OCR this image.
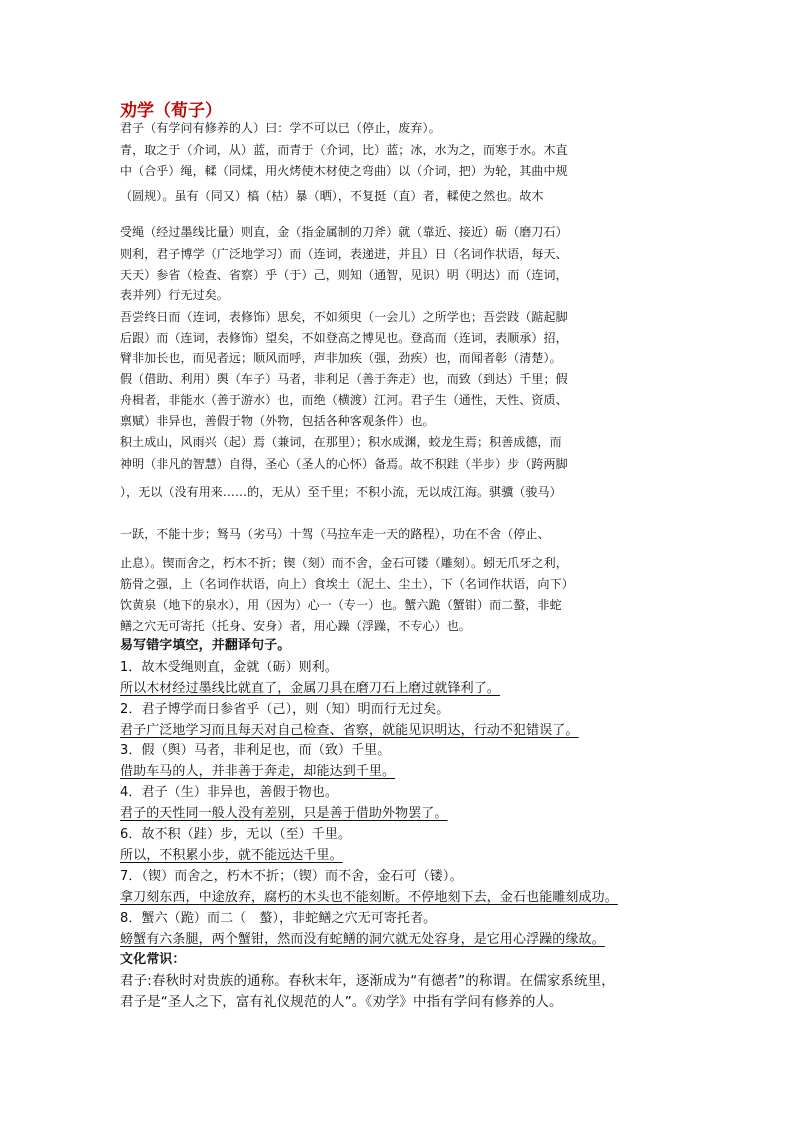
劝学（荀子）
君子（有学问有修养的人）曰：学不可以已（停止，废弃）。
青，取之于（介词，从）蓝，而青于（介词，比）蓝；冰，水为之，而寒于水。木直
中（合乎）绳，輮（同煣，用火烤使木材使之弯曲）以（介词，把）为轮，其曲中规
（圆规）。虽有（同又）槁（枯）暴（晒），不复挺（直）者，輮使之然也。故木
受绳（经过墨线比量）则直，金（指金属制的刀斧）就（靠近、接近）砺（磨刀石）
则利，君子博学（广泛地学习）而（连词，表递进，并且）日（名词作状语，每天、
天天）参省（检查、省察）乎（于）己，则知（通智，见识）明（明达）而（连词，
表并列）行无过矣。
吾尝终日而（连词，表修饰）思矣，不如须臾（一会儿）之所学也；吾尝跂（踮起脚
后跟）而（连词，表修饰）望矣，不如登高之博见也。登高而（连词，表顺承）招，
臂非加长也，而见者远；顺风而呼，声非加疾（强，劲疾）也，而闻者彰（清楚）。
假（借助、利用）舆（车子）马者，非利足（善于奔走）也，而致（到达）千里；假
舟楫者，非能水（善于游水）也，而绝（横渡）江河。君子生（通性，天性、资质、
禀赋）非异也，善假于物（外物，包括各种客观条件）也。
积土成山，风雨兴（起）焉（兼词，在那里）；积水成渊，蛟龙生焉；积善成德，而
神明（非凡的智慧）自得，圣心（圣人的心怀）备焉。故不积跬（半步）步（跨两脚
），无以（没有用来……的，无从）至千里；不积小流，无以成江海。骐骥（骏马）
一跃，不能十步；驽马（劣马）十驾（马拉车走一天的路程），功在不舍（停止、
止息）。锲而舍之，朽木不折；锲（刻）而不舍，金石可镂（雕刻）。蚓无爪牙之利，
筋骨之强，上（名词作状语，向上）食埃土（泥土、尘土），下（名词作状语，向下）
饮黄泉（地下的泉水），用（因为）心一（专一）也。蟹六跪（蟹钳）而二螯，非蛇
鳝之穴无可寄托（托身、安身）者，用心躁（浮躁，不专心）也。
易写错字填空，并翻译句子。
1．故木受绳则直，金就（砺）则利。
所以木材经过墨线比就直了，金属刀具在磨刀石上磨过就锋利了。
2．君子博学而日参省乎（己），则（知）明而行无过矣。
君子广泛地学习而且每天对自己检查、省察，就能见识明达，行动不犯错误了。
3．假（舆）马者，非利足也，而（致）千里。
借助车马的人，并非善于奔走，却能达到千里。
4．君子（生）非异也，善假于物也。
君子的天性同一般人没有差别，只是善于借助外物罢了。
6．故不积（跬）步，无以（至）千里。
所以，不积累小步，就不能远达千里。
7．（锲）而舍之，朽木不折；（锲）而不舍，金石可（镂）。
拿刀刻东西，中途放弃，腐朽的木头也不能刻断。不停地刻下去，金石也能雕刻成功。
8．蟹六（跪）而二（　螯），非蛇鳝之穴无可寄托者。
螃蟹有六条腿，两个蟹钳，然而没有蛇鳝的洞穴就无处容身，是它用心浮躁的缘故。
文化常识：
君子:春秋时对贵族的通称。春秋末年，逐渐成为“有德者”的称谓。在儒家系统里，
君子是“圣人之下，富有礼仪规范的人”。《劝学》中指有学问有修养的人。
